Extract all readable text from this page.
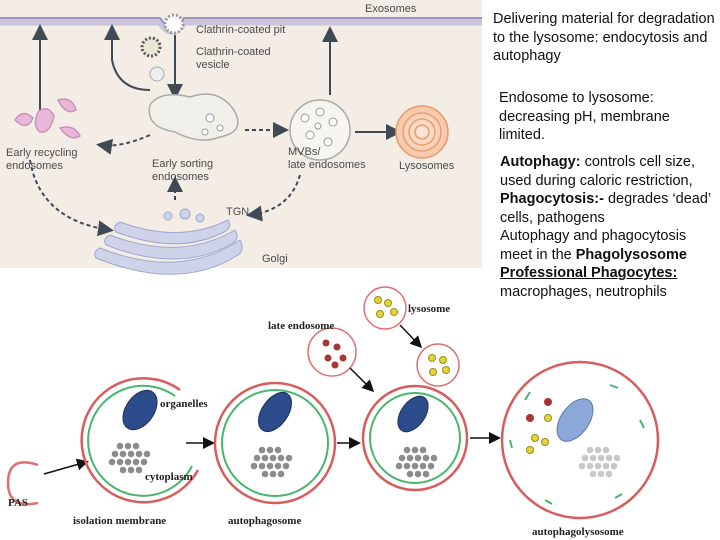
Exosomes
Clathrin-coated pit
Clathrin-coated
vesicle
Early recycling
endosomes	Early sorting
endosomes
MVBs/
late endosomes	Lysosomes
TGN
Golgi
lysosome
late endosome
organelles
cytoplasm
PAS
isolation membrane	autophagosome
autophagolysosome
Delivering material for degradation to the lysosome: endocytosis and autophagy
Endosome to lysosome: decreasing pH, membrane limited.
Autophagy: controls cell size, used during caloric restriction,
Phagocytosis:- degrades ‘dead’ cells, pathogens
Autophagy and phagocytosis meet in the Phagolysosome
Professional Phagocytes:
macrophages, neutrophils
